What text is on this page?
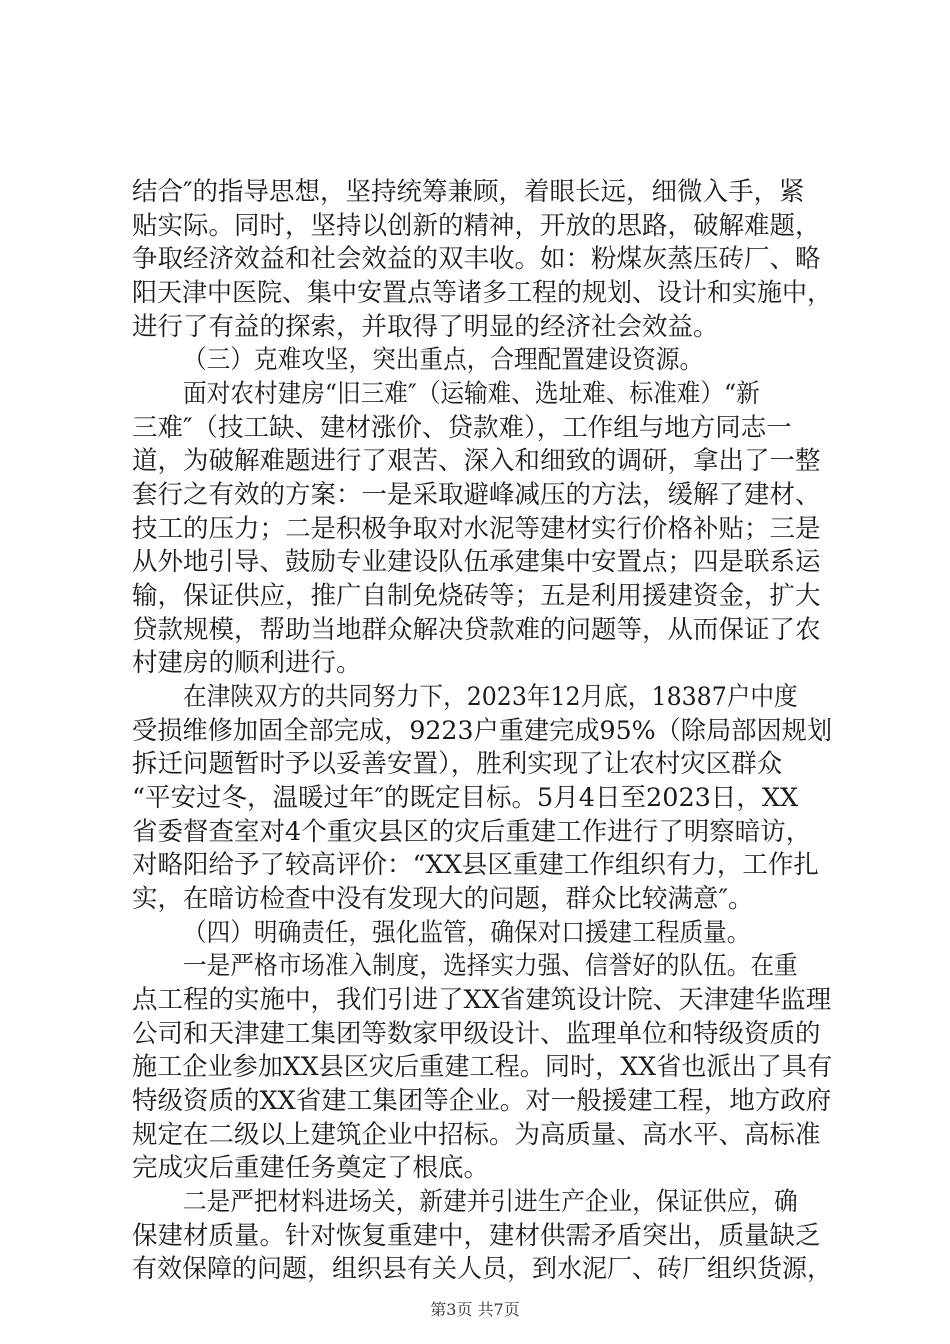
结合″的指导思想，坚持统筹兼顾，着眼长远，细微入手，紧
贴实际。同时，坚持以创新的精神，开放的思路，破解难题，
争取经济效益和社会效益的双丰收。如：粉煤灰蒸压砖厂、略
阳天津中医院、集中安置点等诸多工程的规划、设计和实施中，
进行了有益的探索，并取得了明显的经济社会效益。
（三）克难攻坚，突出重点，合理配置建设资源。
面对农村建房“旧三难″（运输难、选址难、标准难）“新
三难″（技工缺、建材涨价、贷款难），工作组与地方同志一
道，为破解难题进行了艰苦、深入和细致的调研，拿出了一整
套行之有效的方案：一是采取避峰减压的方法，缓解了建材、
技工的压力；二是积极争取对水泥等建材实行价格补贴；三是
从外地引导、鼓励专业建设队伍承建集中安置点；四是联系运
输，保证供应，推广自制免烧砖等；五是利用援建资金，扩大
贷款规模，帮助当地群众解决贷款难的问题等，从而保证了农
村建房的顺利进行。
在津陕双方的共同努力下，2023年12月底，18387户中度
受损维修加固全部完成，9223户重建完成95%（除局部因规划
拆迁问题暂时予以妥善安置），胜利实现了让农村灾区群众
“平安过冬，温暖过年″的既定目标。5月4日至2023日，XX
省委督查室对4个重灾县区的灾后重建工作进行了明察暗访，
对略阳给予了较高评价：“XX县区重建工作组织有力，工作扎
实，在暗访检查中没有发现大的问题，群众比较满意″。
（四）明确责任，强化监管，确保对口援建工程质量。
一是严格市场准入制度，选择实力强、信誉好的队伍。在重
点工程的实施中，我们引进了XX省建筑设计院、天津建华监理
公司和天津建工集团等数家甲级设计、监理单位和特级资质的
施工企业参加XX县区灾后重建工程。同时，XX省也派出了具有
特级资质的XX省建工集团等企业。对一般援建工程，地方政府
规定在二级以上建筑企业中招标。为高质量、高水平、高标准
完成灾后重建任务奠定了根底。
二是严把材料进场关，新建并引进生产企业，保证供应，确
保建材质量。针对恢复重建中，建材供需矛盾突出，质量缺乏
有效保障的问题，组织县有关人员，到水泥厂、砖厂组织货源，
第3页 共7页
